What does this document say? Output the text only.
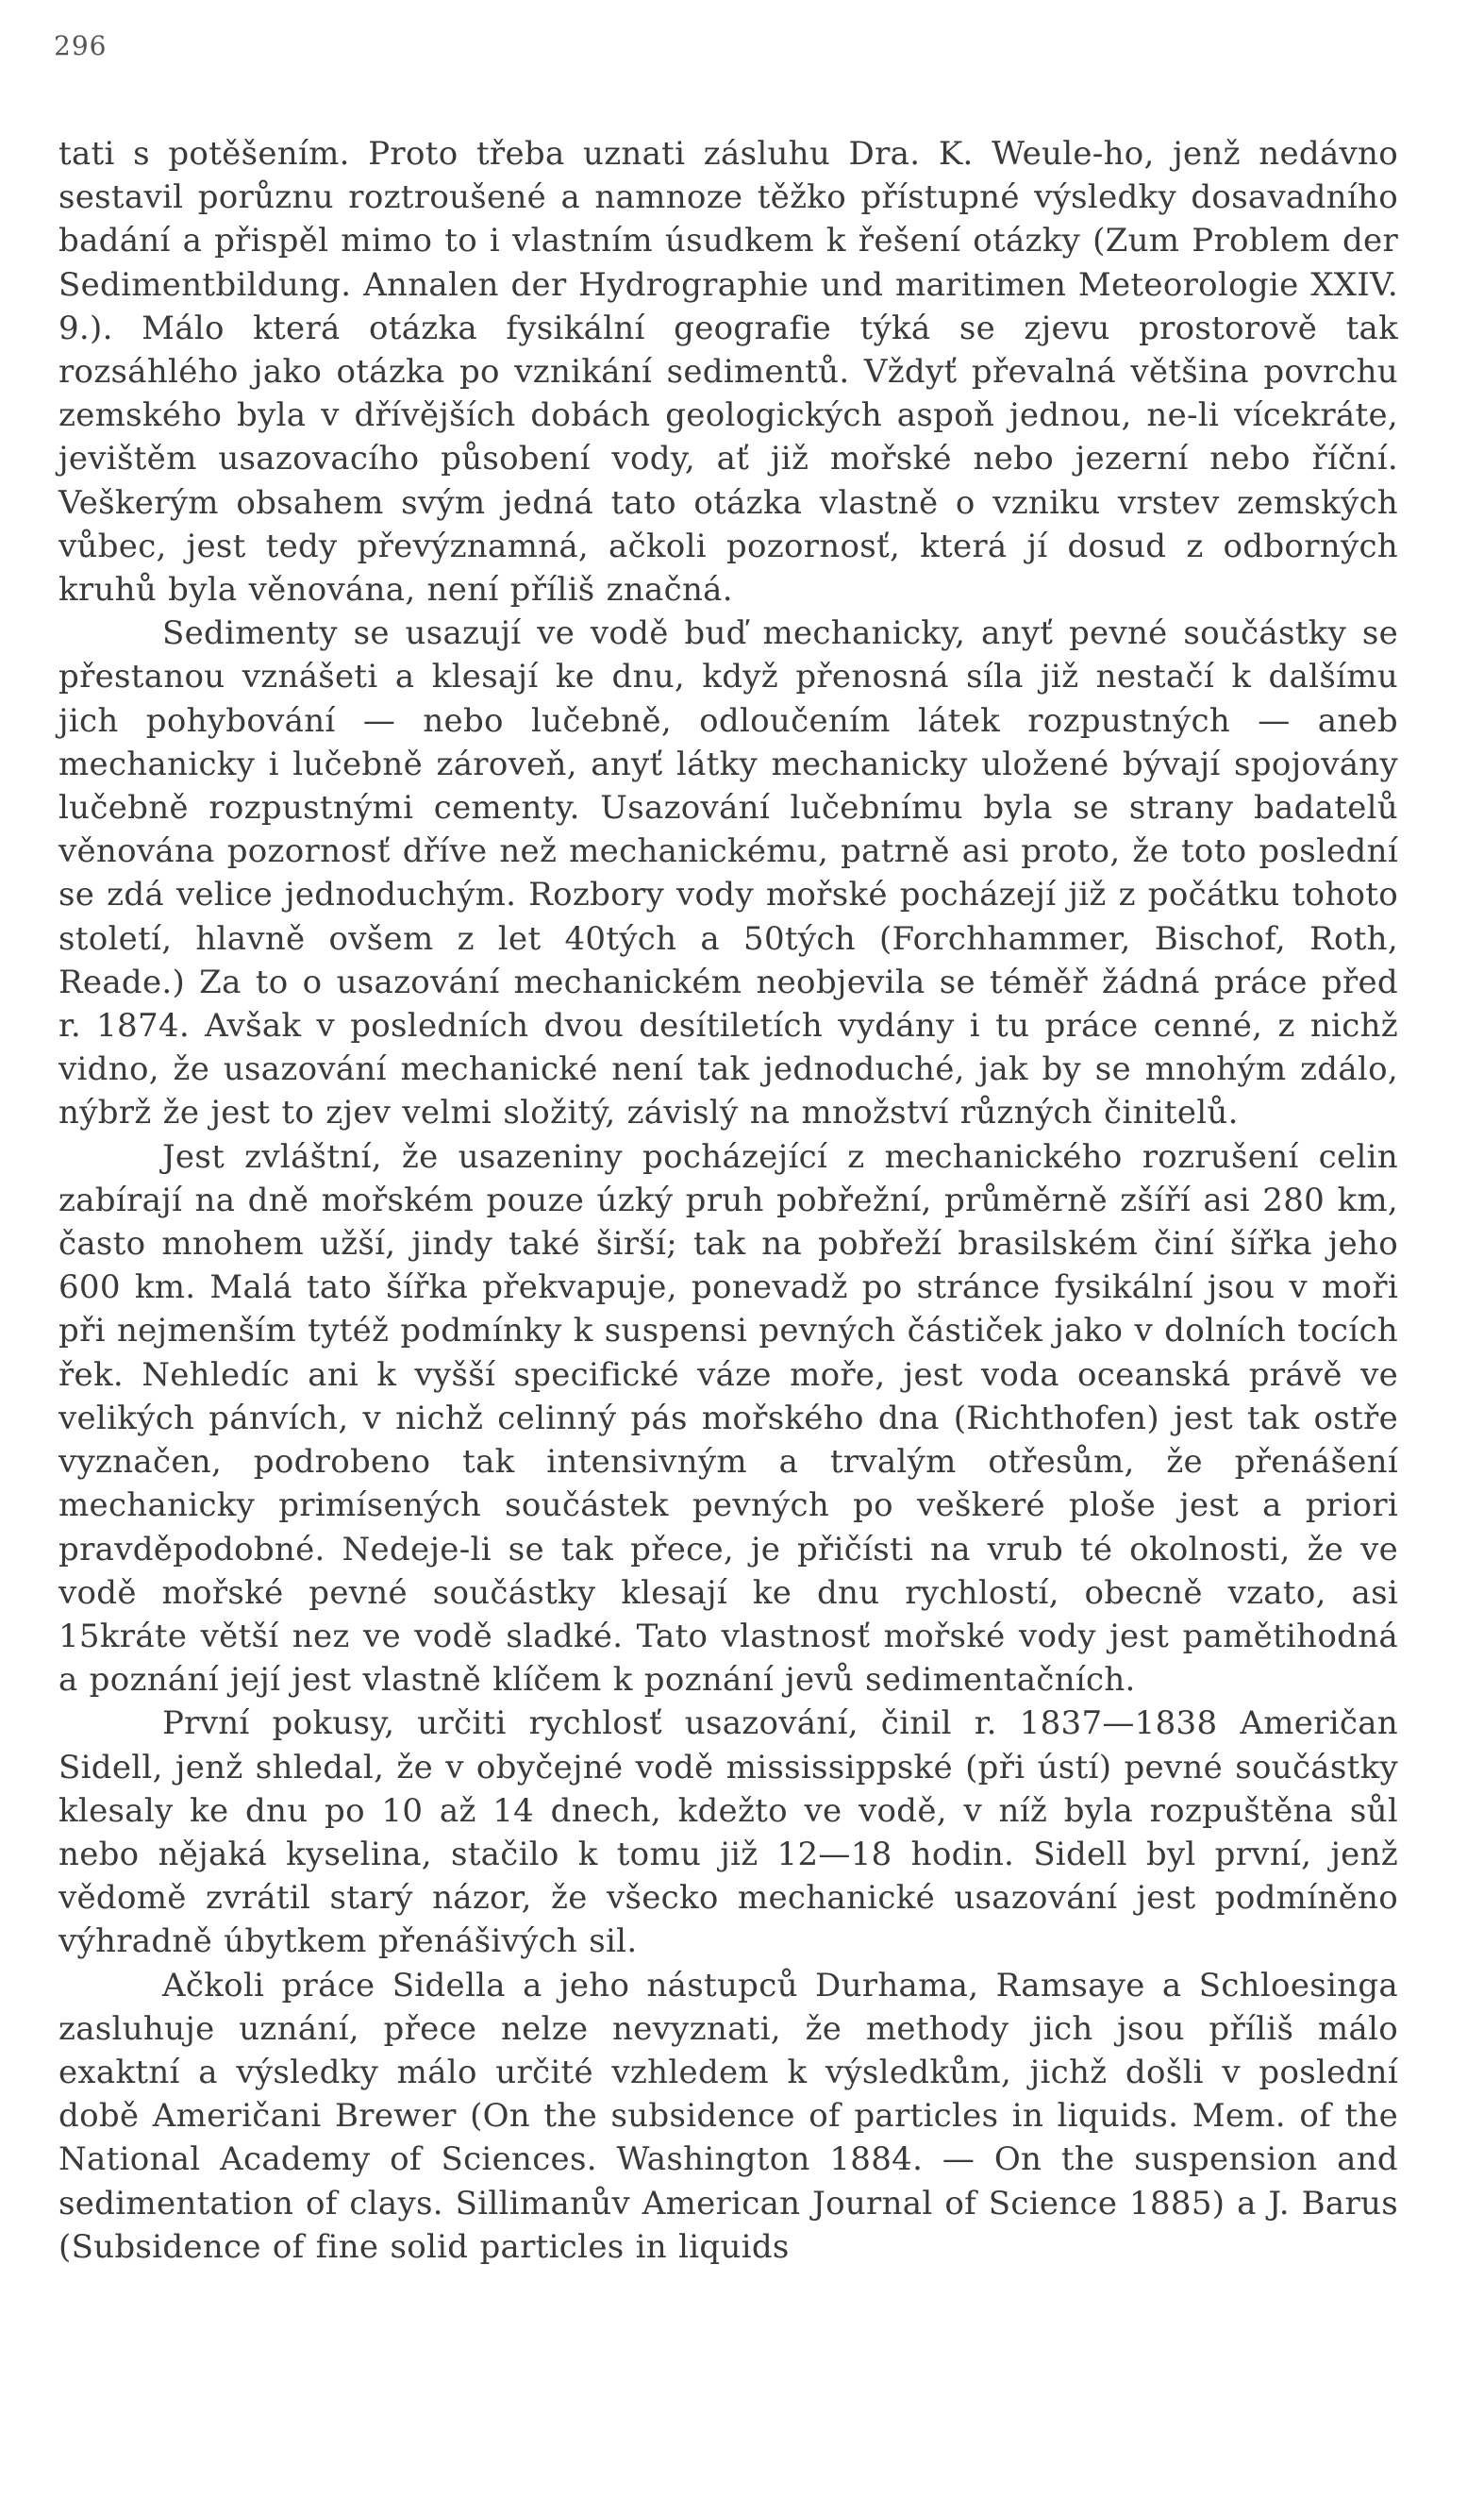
296

tati s potěšením. Proto třeba uznati zásluhu Dra. K. Weule-ho, jenž nedávno sestavil porůznu roztroušené a namnoze těžko přístupné výsledky dosavadního badání a přispěl mimo to i vlastním úsudkem k řešení otázky (Zum Problem der Sedimentbildung. Annalen der Hydrographie und maritimen Meteorologie XXIV. 9.). Málo která otázka fysikální geografie týká se zjevu prostorově tak rozsáhlého jako otázka po vznikání sedimentů. Vždyť převalná většina povrchu zemského byla v dřívějších dobách geologických aspoň jednou, ne-li vícekráte, jevištěm usazovacího působení vody, ať již mořské nebo jezerní nebo říční. Veškerým obsahem svým jedná tato otázka vlastně o vzniku vrstev zemských vůbec, jest tedy převýznamná, ačkoli pozornosť, která jí dosud z odborných kruhů byla věnována, není příliš značná.

Sedimenty se usazují ve vodě buď mechanicky, anyť pevné součástky se přestanou vznášeti a klesají ke dnu, když přenosná síla již nestačí k dalšímu jich pohybování — nebo lučebně, odloučením látek rozpustných — aneb mechanicky i lučebně zároveň, anyť látky mechanicky uložené bývají spojovány lučebně rozpustnými cementy. Usazování lučebnímu byla se strany badatelů věnována pozornosť dříve než mechanickému, patrně asi proto, že toto poslední se zdá velice jednoduchým. Rozbory vody mořské pocházejí již z počátku tohoto století, hlavně ovšem z let 40tých a 50tých (Forchhammer, Bischof, Roth, Reade.) Za to o usazování mechanickém neobjevila se téměř žádná práce před r. 1874. Avšak v posledních dvou desítiletích vydány i tu práce cenné, z nichž vidno, že usazování mechanické není tak jednoduché, jak by se mnohým zdálo, nýbrž že jest to zjev velmi složitý, závislý na množství různých činitelů.

Jest zvláštní, že usazeniny pocházející z mechanického rozrušení celin zabírají na dně mořském pouze úzký pruh pobřežní, průměrně zšíří asi 280 km, často mnohem užší, jindy také širší; tak na pobřeží brasilském činí šířka jeho 600 km. Malá tato šířka překvapuje, ponevadž po stránce fysikální jsou v moři při nejmenším tytéž podmínky k suspensi pevných částiček jako v dolních tocích řek. Nehledíc ani k vyšší specifické váze moře, jest voda oceanská právě ve velikých pánvích, v nichž celinný pás mořského dna (Richthofen) jest tak ostře vyznačen, podrobeno tak intensivným a trvalým otřesům, že přenášení mechanicky primísených součástek pevných po veškeré ploše jest a priori pravděpodobné. Nedeje-li se tak přece, je přičísti na vrub té okolnosti, že ve vodě mořské pevné součástky klesají ke dnu rychlostí, obecně vzato, asi 15kráte větší nez ve vodě sladké. Tato vlastnosť mořské vody jest pamětihodná a poznání její jest vlastně klíčem k poznání jevů sedimentačních.

První pokusy, určiti rychlosť usazování, činil r. 1837—1838 Američan Sidell, jenž shledal, že v obyčejné vodě mississippské (při ústí) pevné součástky klesaly ke dnu po 10 až 14 dnech, kdežto ve vodě, v níž byla rozpuštěna sůl nebo nějaká kyselina, stačilo k tomu již 12—18 hodin. Sidell byl první, jenž vědomě zvrátil starý názor, že všecko mechanické usazování jest podmíněno výhradně úbytkem přenášivých sil.

Ačkoli práce Sidella a jeho nástupců Durhama, Ramsaye a Schloesinga zasluhuje uznání, přece nelze nevyznati, že methody jich jsou příliš málo exaktní a výsledky málo určité vzhledem k výsledkům, jichž došli v poslední době Američani Brewer (On the subsidence of particles in liquids. Mem. of the National Academy of Sciences. Washington 1884. — On the suspension and sedimentation of clays. Sillimanův American Journal of Science 1885) a J. Barus (Subsidence of fine solid particles in liquids
